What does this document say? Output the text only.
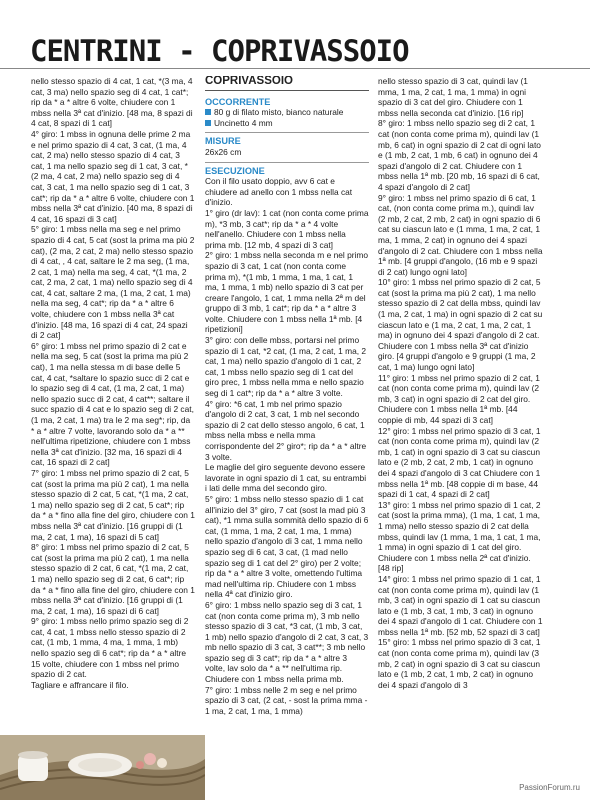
CENTRINI - COPRIVASSOIO

nello stesso spazio di 4 cat, 1 cat, *(3 ma, 4 cat, 3 ma) nello spazio seg di 4 cat, 1 cat*; rip da * a * altre 6 volte, chiudere con 1 mbss nella 3ª cat d'inizio. [48 ma, 8 spazi di 4 cat, 8 spazi di 1 cat]

4° giro: 1 mbss in ognuna delle prime 2 ma e nel primo spazio di 4 cat, 3 cat, (1 ma, 4 cat, 2 ma) nello stesso spazio di 4 cat, 3 cat, 1 ma nello spazio seg di 1 cat, 3 cat, *(2 ma, 4 cat, 2 ma) nello spazio seg di 4 cat, 3 cat, 1 ma nello spazio seg di 1 cat, 3 cat*; rip da * a * altre 6 volte, chiudere con 1 mbss nella 3ª cat d'inizio. [40 ma, 8 spazi di 4 cat, 16 spazi di 3 cat]

5° giro: 1 mbss nella ma seg e nel primo spazio di 4 cat, 5 cat (sost la prima ma più 2 cat), (2 ma, 2 cat, 2 ma) nello stesso spazio di 4 cat, , 4 cat, saltare le 2 ma seg, (1 ma, 2 cat, 1 ma) nella ma seg, 4 cat, *(1 ma, 2 cat, 2 ma, 2 cat, 1 ma) nello spazio seg di 4 cat, 4 cat, saltare 2 ma, (1 ma, 2 cat, 1 ma) nella ma seg, 4 cat*; rip da * a * altre 6 volte, chiudere con 1 mbss nella 3ª cat d'inizio. [48 ma, 16 spazi di 4 cat, 24 spazi di 2 cat]

6° giro: 1 mbss nel primo spazio di 2 cat e nella ma seg, 5 cat (sost la prima ma più 2 cat), 1 ma nella stessa m di base delle 5 cat, 4 cat, *saltare lo spazio succ di 2 cat e lo spazio seg di 4 cat, (1 ma, 2 cat, 1 ma) nello spazio succ di 2 cat, 4 cat**; saltare il succ spazio di 4 cat e lo spazio seg di 2 cat, (1 ma, 2 cat, 1 ma) tra le 2 ma seg*; rip, da * a * altre 7 volte, lavorando solo da * a ** nell'ultima ripetizione, chiudere con 1 mbss nella 3ª cat d'inizio. [32 ma, 16 spazi di 4 cat, 16 spazi di 2 cat]

7° giro: 1 mbss nel primo spazio di 2 cat, 5 cat (sost la prima ma più 2 cat), 1 ma nella stesso spazio di 2 cat, 5 cat, *(1 ma, 2 cat, 1 ma) nello spazio seg di 2 cat, 5 cat*; rip da * a * fino alla fine del giro, chiudere con 1 mbss nella 3ª cat d'inizio. [16 gruppi di (1 ma, 2 cat, 1 ma), 16 spazi di 5 cat]

8° giro: 1 mbss nel primo spazio di 2 cat, 5 cat (sost la prima ma più 2 cat), 1 ma nella stesso spazio di 2 cat, 6 cat, *(1 ma, 2 cat, 1 ma) nello spazio seg di 2 cat, 6 cat*; rip da * a * fino alla fine del giro, chiudere con 1 mbss nella 3ª cat d'inizio. [16 gruppi di (1 ma, 2 cat, 1 ma), 16 spazi di 6 cat]

9° giro: 1 mbss nello primo spazio seg di 2 cat, 4 cat, 1 mbss nello stesso spazio di 2 cat, (1 mb, 1 mma, 4 ma, 1 mma, 1 mb) nello spazio seg di 6 cat*; rip da * a * altre 15 volte, chiudere con 1 mbss nel primo spazio di 2 cat.

Tagliare e affrancare il filo.

COPRIVASSOIO
OCCORRENTE

80 g di filato misto, bianco naturale

Uncinetto 4 mm

MISURE

26x26 cm

ESECUZIONE

Con il filo usato doppio, avv 6 cat e chiudere ad anello con 1 mbss nella cat d'inizio.

1° giro (dr lav): 1 cat (non conta come prima m), *3 mb, 3 cat*; rip da * a * 4 volte nell'anello. Chiudere con 1 mbss nella prima mb. [12 mb, 4 spazi di 3 cat]

2° giro: 1 mbss nella seconda m e nel primo spazio di 3 cat, 1 cat (non conta come prima m), *(1 mb, 1 mma, 1 ma, 1 cat, 1 ma, 1 mma, 1 mb) nello spazio di 3 cat per creare l'angolo, 1 cat, 1 mma nella 2ª m del gruppo di 3 mb, 1 cat*; rip da * a * altre 3 volte. Chiudere con 1 mbss nella 1ª mb. [4 ripetizioni]

3° giro: con delle mbss, portarsi nel primo spazio di 1 cat, *2 cat, (1 ma, 2 cat, 1 ma, 2 cat, 1 ma) nello spazio d'angolo di 1 cat, 2 cat, 1 mbss nello spazio seg di 1 cat del giro prec, 1 mbss nella mma e nello spazio seg di 1 cat*; rip da * a * altre 3 volte.

4° giro: *6 cat, 1 mb nel primo spazio d'angolo di 2 cat, 3 cat, 1 mb nel secondo spazio di 2 cat dello stesso angolo, 6 cat, 1 mbss nella mbss e nella mma corrispondente del 2° giro*; rip da * a * altre 3 volte.

Le maglie del giro seguente devono essere lavorate in ogni spazio di 1 cat, su entrambi i lati delle mma del secondo giro.

5° giro: 1 mbss nello stesso spazio di 1 cat all'inizio del 3° giro, 7 cat (sost la mad più 3 cat), *1 mma sulla sommità dello spazio di 6 cat, (1 mma, 1 ma, 2 cat, 1 ma, 1 mma) nello spazio d'angolo di 3 cat, 1 mma nello spazio seg di 6 cat, 3 cat, (1 mad nello spazio seg di 1 cat del 2° giro) per 2 volte; rip da * a * altre 3 volte, omettendo l'ultima mad nell'ultima rip. Chiudere con 1 mbss nella 4ª cat d'inizio giro.

6° giro: 1 mbss nello spazio seg di 3 cat, 1 cat (non conta come prima m), 3 mb nello stesso spazio di 3 cat, *3 cat, (1 mb, 3 cat, 1 mb) nello spazio d'angolo di 2 cat, 3 cat, 3 mb nello spazio di 3 cat, 3 cat**; 3 mb nello spazio seg di 3 cat*; rip da * a * altre 3 volte, lav solo da * a ** nell'ultima rip. Chiudere con 1 mbss nella prima mb.

7° giro: 1 mbss nelle 2 m seg e nel primo spazio di 3 cat, (2 cat, - sost la prima mma - 1 ma, 2 cat, 1 ma, 1 mma)

nello stesso spazio di 3 cat, quindi lav (1 mma, 1 ma, 2 cat, 1 ma, 1 mma) in ogni spazio di 3 cat del giro. Chiudere con 1 mbss nella seconda cat d'inizio. [16 rip]

8° giro: 1 mbss nello spazio seg di 2 cat, 1 cat (non conta come prima m), quindi lav (1 mb, 6 cat) in ogni spazio di 2 cat di ogni lato e (1 mb, 2 cat, 1 mb, 6 cat) in ognuno dei 4 spazi d'angolo di 2 cat. Chiudere con 1 mbss nella 1ª mb. [20 mb, 16 spazi di 6 cat, 4 spazi d'angolo di 2 cat]

9° giro: 1 mbss nel primo spazio di 6 cat, 1 cat, (non conta come prima m.), quindi lav (2 mb, 2 cat, 2 mb, 2 cat) in ogni spazio di 6 cat su ciascun lato e (1 mma, 1 ma, 2 cat, 1 ma, 1 mma, 2 cat) in ognuno dei 4 spazi d'angolo di 2 cat. Chiudere con 1 mbss nella 1ª mb. [4 gruppi d'angolo, (16 mb e 9 spazi di 2 cat) lungo ogni lato]

10° giro: 1 mbss nel primo spazio di 2 cat, 5 cat (sost la prima ma più 2 cat), 1 ma nello stesso spazio di 2 cat della mbss, quindi lav (1 ma, 2 cat, 1 ma) in ogni spazio di 2 cat su ciascun lato e (1 ma, 2 cat, 1 ma, 2 cat, 1 ma) in ognuno dei 4 spazi d'angolo di 2 cat. Chiudere con 1 mbss nella 3ª cat d'inizio giro. [4 gruppi d'angolo e 9 gruppi (1 ma, 2 cat, 1 ma) lungo ogni lato]

11° giro: 1 mbss nel primo spazio di 2 cat, 1 cat (non conta come prima m), quindi lav (2 mb, 3 cat) in ogni spazio di 2 cat del giro. Chiudere con 1 mbss nella 1ª mb. [44 coppie di mb, 44 spazi di 3 cat]

12° giro: 1 mbss nel primo spazio di 3 cat, 1 cat (non conta come prima m), quindi lav (2 mb, 1 cat) in ogni spazio di 3 cat su ciascun lato e (2 mb, 2 cat, 2 mb, 1 cat) in ognuno dei 4 spazi d'angolo di 3 cat Chiudere con 1 mbss nella 1ª mb. [48 coppie di m base, 44 spazi di 1 cat, 4 spazi di 2 cat]

13° giro: 1 mbss nel primo spazio di 1 cat, 2 cat (sost la prima mma), (1 ma, 1 cat, 1 ma, 1 mma) nello stesso spazio di 2 cat della mbss, quindi lav (1 mma, 1 ma, 1 cat, 1 ma, 1 mma) in ogni spazio di 1 cat del giro. Chiudere con 1 mbss nella 2ª cat d'inizio. [48 rip]

14° giro: 1 mbss nel primo spazio di 1 cat, 1 cat (non conta come prima m), quindi lav (1 mb, 3 cat) in ogni spazio di 1 cat su ciascun lato e (1 mb, 3 cat, 1 mb, 3 cat) in ognuno dei 4 spazi d'angolo di 1 cat. Chiudere con 1 mbss nella 1ª mb. [52 mb, 52 spazi di 3 cat]

15° giro: 1 mbss nel primo spazio di 3 cat, 1 cat (non conta come prima m), quindi lav (3 mb, 2 cat) in ogni spazio di 3 cat su ciascun lato e (1 mb, 2 cat, 1 mb, 2 cat) in ognuno dei 4 spazi d'angolo di 3

PassionForum.ru
